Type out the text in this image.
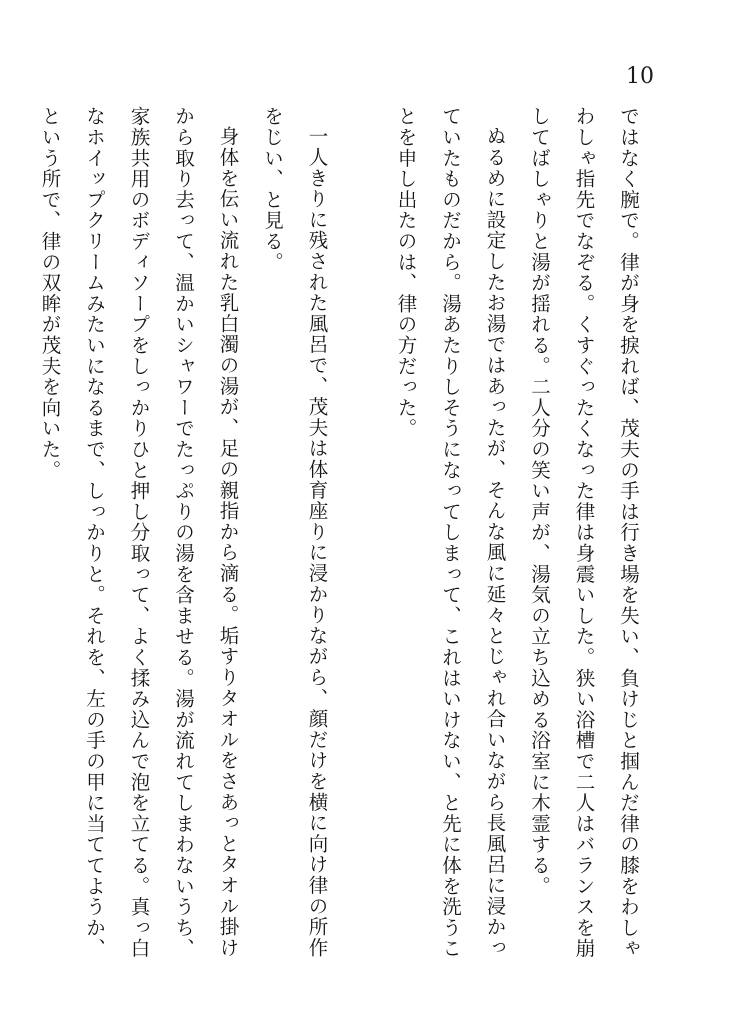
10

ではなく腕で。律が身を捩れば、茂夫の手は行き場を失い、負けじと掴んだ律の膝をわしゃわしゃ指先でなぞる。くすぐったくなった律は身震いした。狭い浴槽で二人はバランスを崩してばしゃりと湯が揺れる。二人分の笑い声が、湯気の立ち込める浴室に木霊する。

ぬるめに設定したお湯ではあったが、そんな風に延々とじゃれ合いながら長風呂に浸かっていたものだから。湯あたりしそうになってしまって、これはいけない、と先に体を洗うことを申し出たのは、律の方だった。

一人きりに残された風呂で、茂夫は体育座りに浸かりながら、顔だけを横に向け律の所作をじい、と見る。

身体を伝い流れた乳白濁の湯が、足の親指から滴る。垢すりタオルをさあっとタオル掛けから取り去って、温かいシャワーでたっぷりの湯を含ませる。湯が流れてしまわないうち、家族共用のボディソープをしっかりひと押し分取って、よく揉み込んで泡を立てる。真っ白なホイップクリームみたいになるまで、しっかりと。それを、左の手の甲に当ててようか、という所で、律の双眸が茂夫を向いた。
